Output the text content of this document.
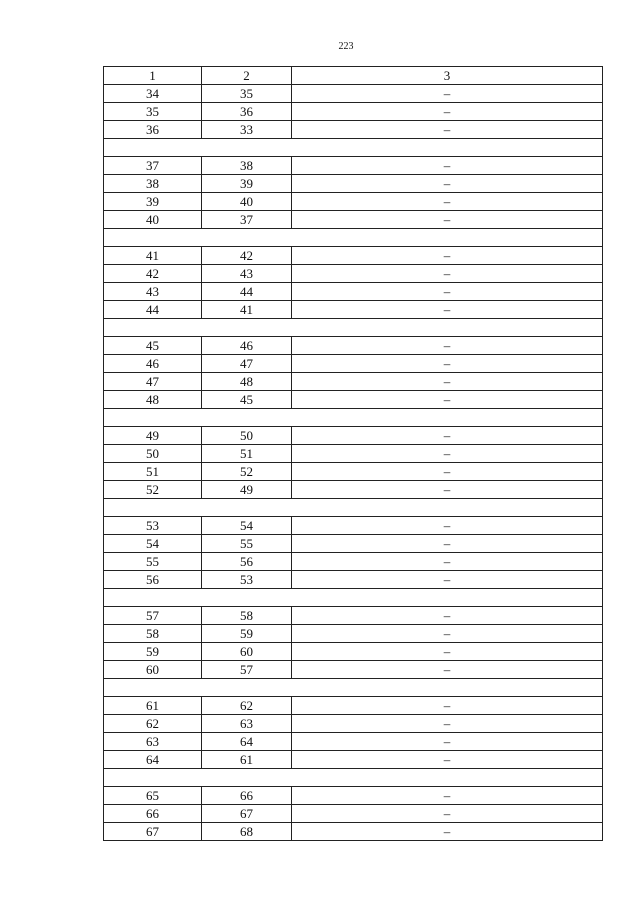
223
1	2	3
34	35	–
35	36	–
36	33	–

37	38	–
38	39	–
39	40	–
40	37	–

41	42	–
42	43	–
43	44	–
44	41	–

45	46	–
46	47	–
47	48	–
48	45	–

49	50	–
50	51	–
51	52	–
52	49	–

53	54	–
54	55	–
55	56	–
56	53	–

57	58	–
58	59	–
59	60	–
60	57	–

61	62	–
62	63	–
63	64	–
64	61	–

65	66	–
66	67	–
67	68	–
